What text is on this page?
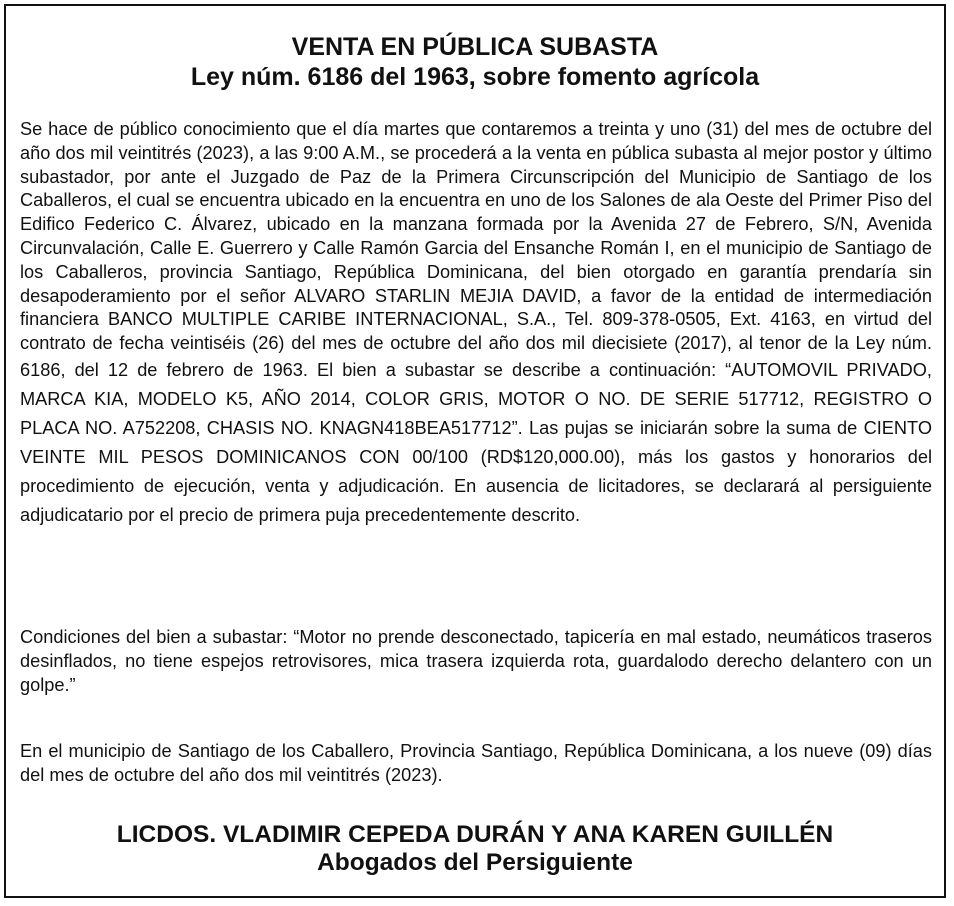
VENTA EN PÚBLICA SUBASTA

Ley núm. 6186 del 1963, sobre fomento agrícola

Se hace de público conocimiento que el día martes que contaremos a treinta y uno (31) del mes de octubre del año dos mil veintitrés (2023), a las 9:00 A.M., se procederá a la venta en pública subasta al mejor postor y último subastador, por ante el Juzgado de Paz de la Primera Circunscripción del Municipio de Santiago de los Caballeros, el cual se encuentra ubicado en la encuentra en uno de los Salones de ala Oeste del Primer Piso del Edifico Federico C. Álvarez, ubicado en la manzana formada por la Avenida 27 de Febrero, S/N, Avenida Circunvalación, Calle E. Guerrero y Calle Ramón Garcia del Ensanche Román I, en el municipio de Santiago de los Caballeros, provincia Santiago, República Dominicana, del bien otorgado en garantía prendaría sin desapoderamiento por el señor ALVARO STARLIN MEJIA DAVID, a favor de la entidad de intermediación financiera BANCO MULTIPLE CARIBE INTERNACIONAL, S.A., Tel. 809-378-0505, Ext. 4163, en virtud del contrato de fecha veintiséis (26) del mes de octubre del año dos mil diecisiete (2017), al tenor de la Ley núm. 6186, del 12 de febrero de 1963. El bien a subastar se describe a continuación: “AUTOMOVIL PRIVADO, MARCA KIA, MODELO K5, AÑO 2014, COLOR GRIS, MOTOR O NO. DE SERIE 517712, REGISTRO O PLACA NO. A752208, CHASIS NO. KNAGN418BEA517712”. Las pujas se iniciarán sobre la suma de CIENTO VEINTE MIL PESOS DOMINICANOS CON 00/100 (RD$120,000.00), más los gastos y honorarios del procedimiento de ejecución, venta y adjudicación. En ausencia de licitadores, se declarará al persiguiente adjudicatario por el precio de primera puja precedentemente descrito.

Condiciones del bien a subastar: “Motor no prende desconectado, tapicería en mal estado, neumáticos traseros desinflados, no tiene espejos retrovisores, mica trasera izquierda rota, guardalodo derecho delantero con un golpe.”

En el municipio de Santiago de los Caballero, Provincia Santiago, República Dominicana, a los nueve (09) días del mes de octubre del año dos mil veintitrés (2023).

LICDOS. VLADIMIR CEPEDA DURÁN Y ANA KAREN GUILLÉN

Abogados del Persiguiente
